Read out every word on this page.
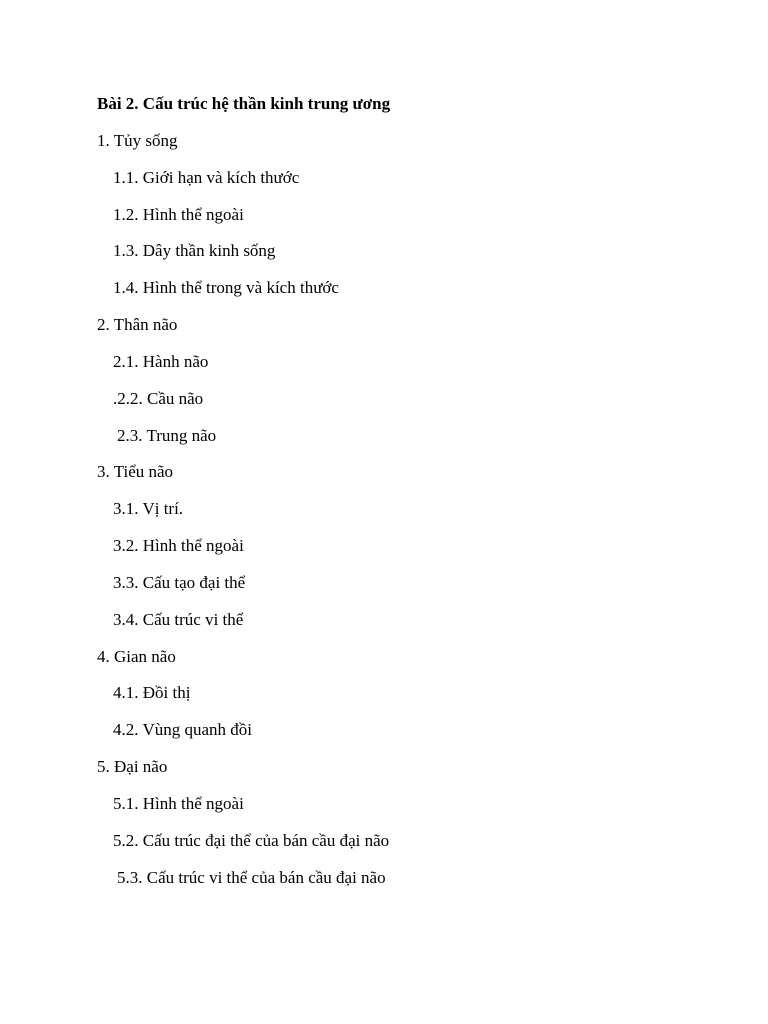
Bài 2. Cấu trúc hệ thần kinh trung ương
1. Tủy sống
1.1. Giới hạn và kích thước
1.2. Hình thể ngoài
1.3. Dây thần kinh sống
1.4. Hình thể trong và kích thước
2. Thân não
2.1. Hành não
.2.2. Cầu não
2.3. Trung não
3. Tiểu não
3.1. Vị trí.
3.2. Hình thể ngoài
3.3. Cấu tạo đại thể
3.4. Cấu trúc vi thể
4. Gian não
4.1. Đồi thị
4.2. Vùng quanh đồi
5. Đại não
5.1. Hình thể ngoài
5.2. Cấu trúc đại thể của bán cầu đại não
5.3. Cấu trúc vi thể của bán cầu đại não
